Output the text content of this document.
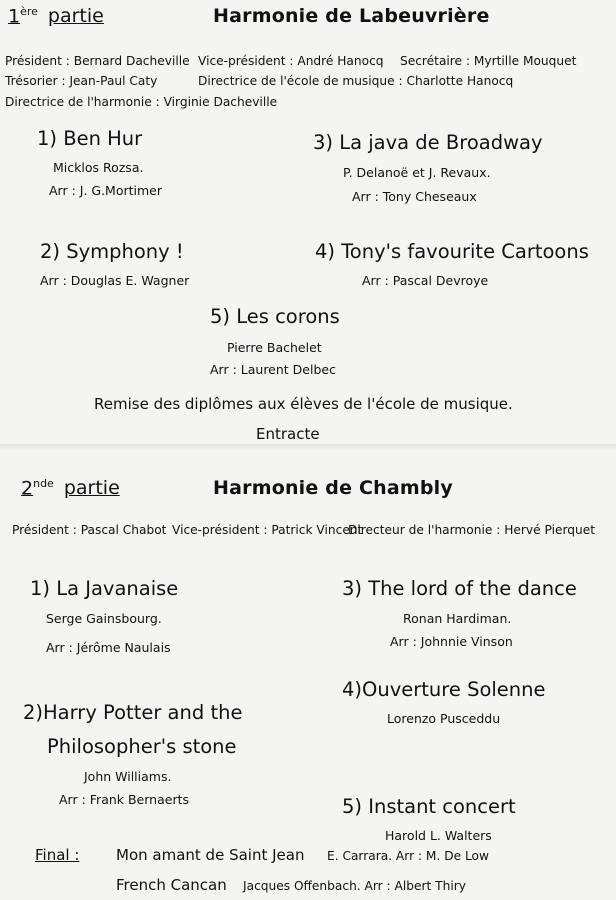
1ère partie	Harmonie de Labeuvrière
Président : Bernard Dacheville Vice-président : André Hanocq Secrétaire : Myrtille Mouquet
Trésorier : Jean-Paul Caty	Directrice de l'école de musique : Charlotte Hanocq
Directrice de l'harmonie : Virginie Dacheville
1) Ben Hur
Micklos Rozsa.
Arr : J. G.Mortimer
3) La java de Broadway
P. Delanoë et J. Revaux.
Arr : Tony Cheseaux
2) Symphony !
Arr : Douglas E. Wagner
4) Tony's favourite Cartoons
Arr : Pascal Devroye
5) Les corons
Pierre Bachelet
Arr : Laurent Delbec
Remise des diplômes aux élèves de l'école de musique.
Entracte
2nde partie	Harmonie de Chambly
Président : Pascal Chabot Vice-président : Patrick Vincent
Directeur de l'harmonie : Hervé Pierquet
1) La Javanaise
Serge Gainsbourg.
Arr : Jérôme Naulais
3) The lord of the dance
Ronan Hardiman.
Arr : Johnnie Vinson
2)Harry Potter and the
Philosopher's stone
John Williams.
Arr : Frank Bernaerts
4)Ouverture Solenne
Lorenzo Pusceddu
5) Instant concert
Harold L. Walters
Final : Mon amant de Saint Jean E. Carrara. Arr : M. De Low
French Cancan Jacques Offenbach. Arr : Albert Thiry
